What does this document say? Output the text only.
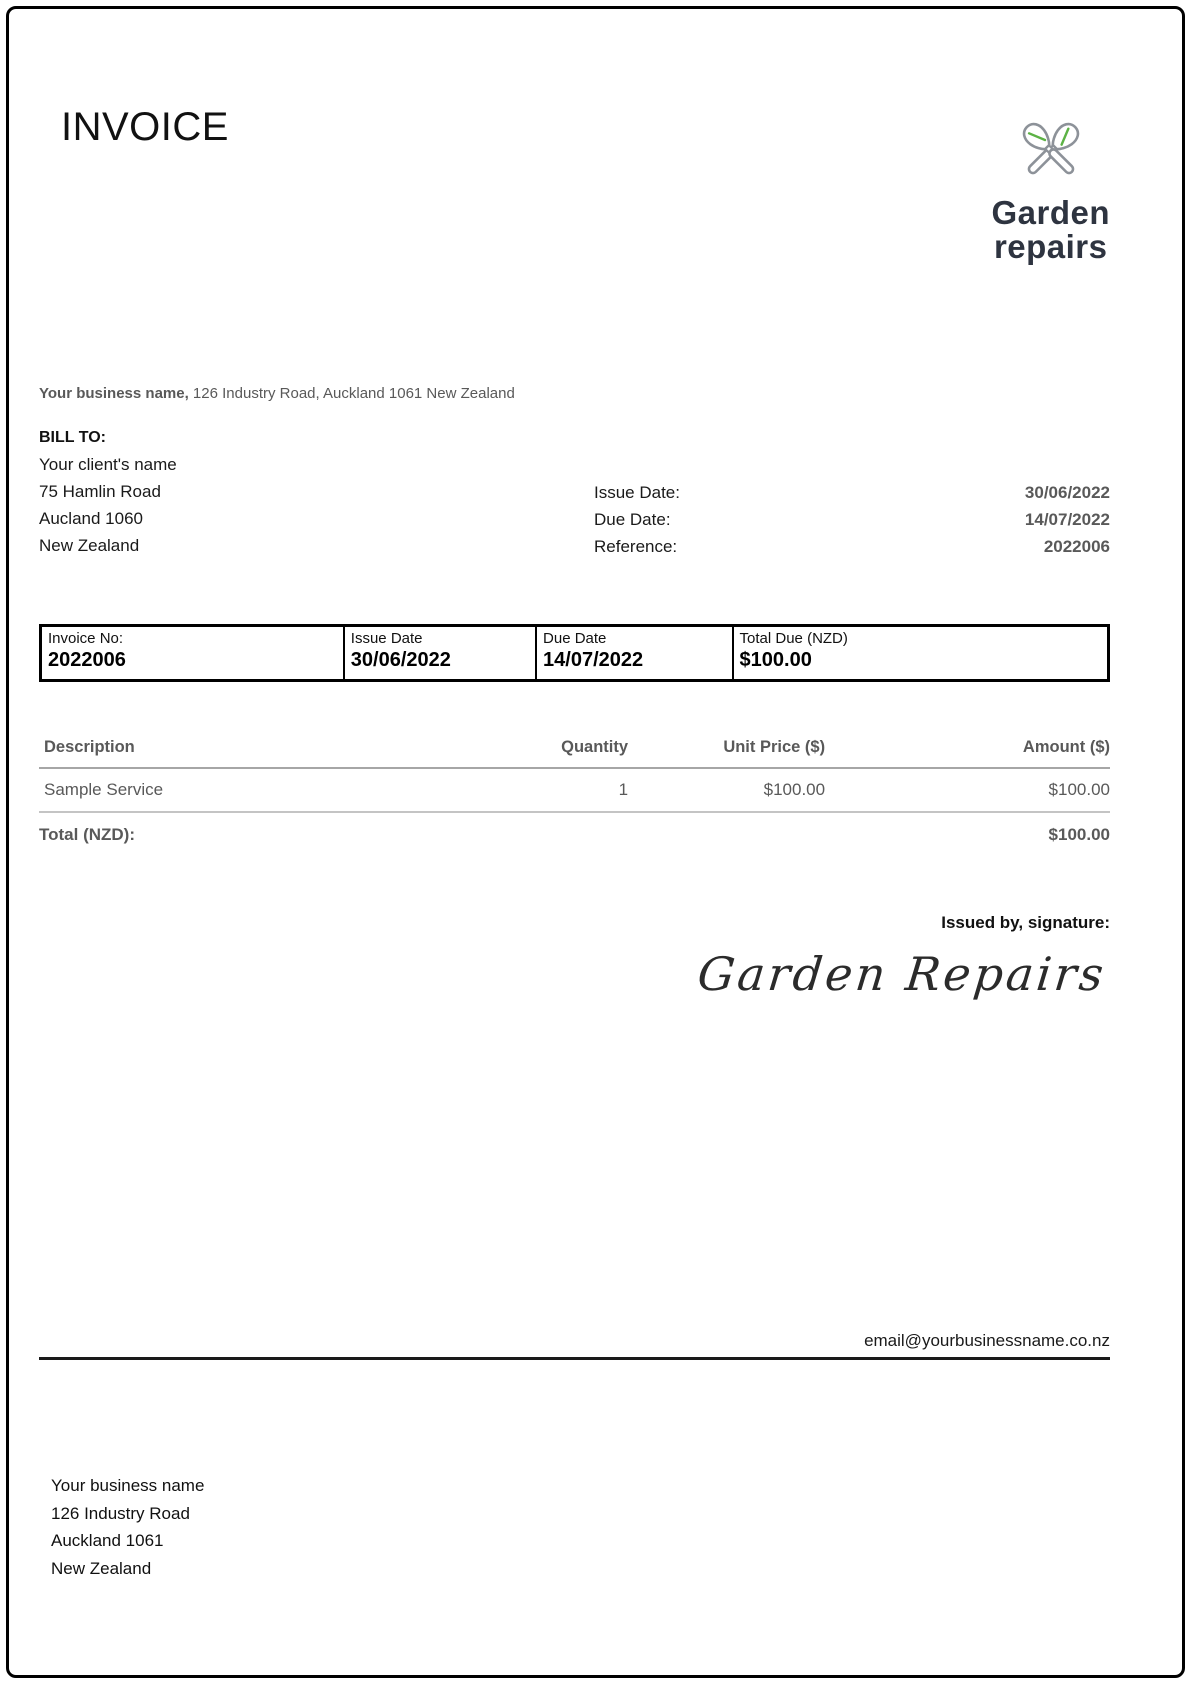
INVOICE
Garden
repairs
Your business name, 126 Industry Road, Auckland 1061 New Zealand
BILL TO:
Your client's name
75 Hamlin Road
Aucland 1060
New Zealand
Issue Date:	30/06/2022
Due Date:	14/07/2022
Reference:	2022006
Invoice No:
2022006

Issue Date
30/06/2022

Due Date
14/07/2022

Total Due (NZD)
$100.00
Description	Quantity	Unit Price ($)	Amount ($)
Sample Service	1	$100.00	$100.00
Total (NZD):			$100.00
Issued by, signature:
Garden Repairs
email@yourbusinessname.co.nz
Your business name
126 Industry Road
Auckland 1061
New Zealand
